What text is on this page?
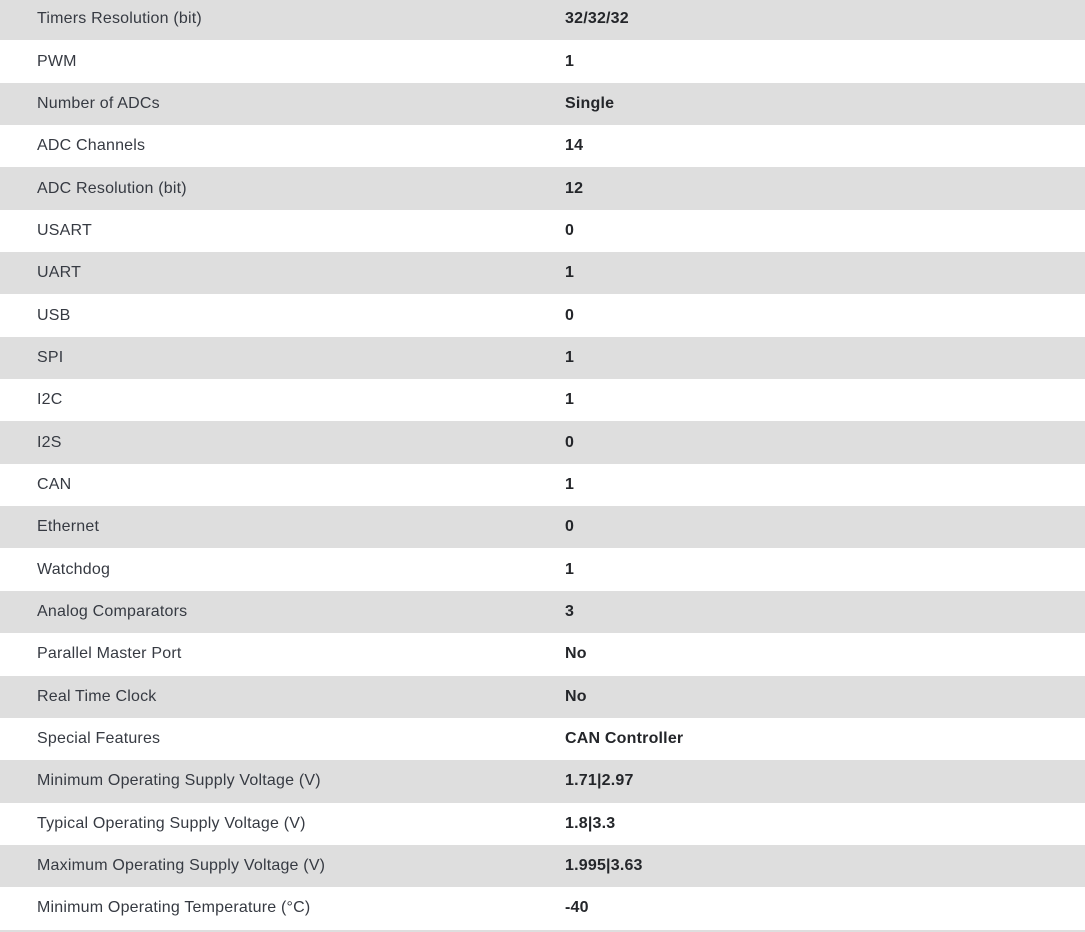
Timers Resolution (bit)	32/32/32
PWM	1
Number of ADCs	Single
ADC Channels	14
ADC Resolution (bit)	12
USART	0
UART	1
USB	0
SPI	1
I2C	1
I2S	0
CAN	1
Ethernet	0
Watchdog	1
Analog Comparators	3
Parallel Master Port	No
Real Time Clock	No
Special Features	CAN Controller
Minimum Operating Supply Voltage (V)	1.71|2.97
Typical Operating Supply Voltage (V)	1.8|3.3
Maximum Operating Supply Voltage (V)	1.995|3.63
Minimum Operating Temperature (°C)	-40
